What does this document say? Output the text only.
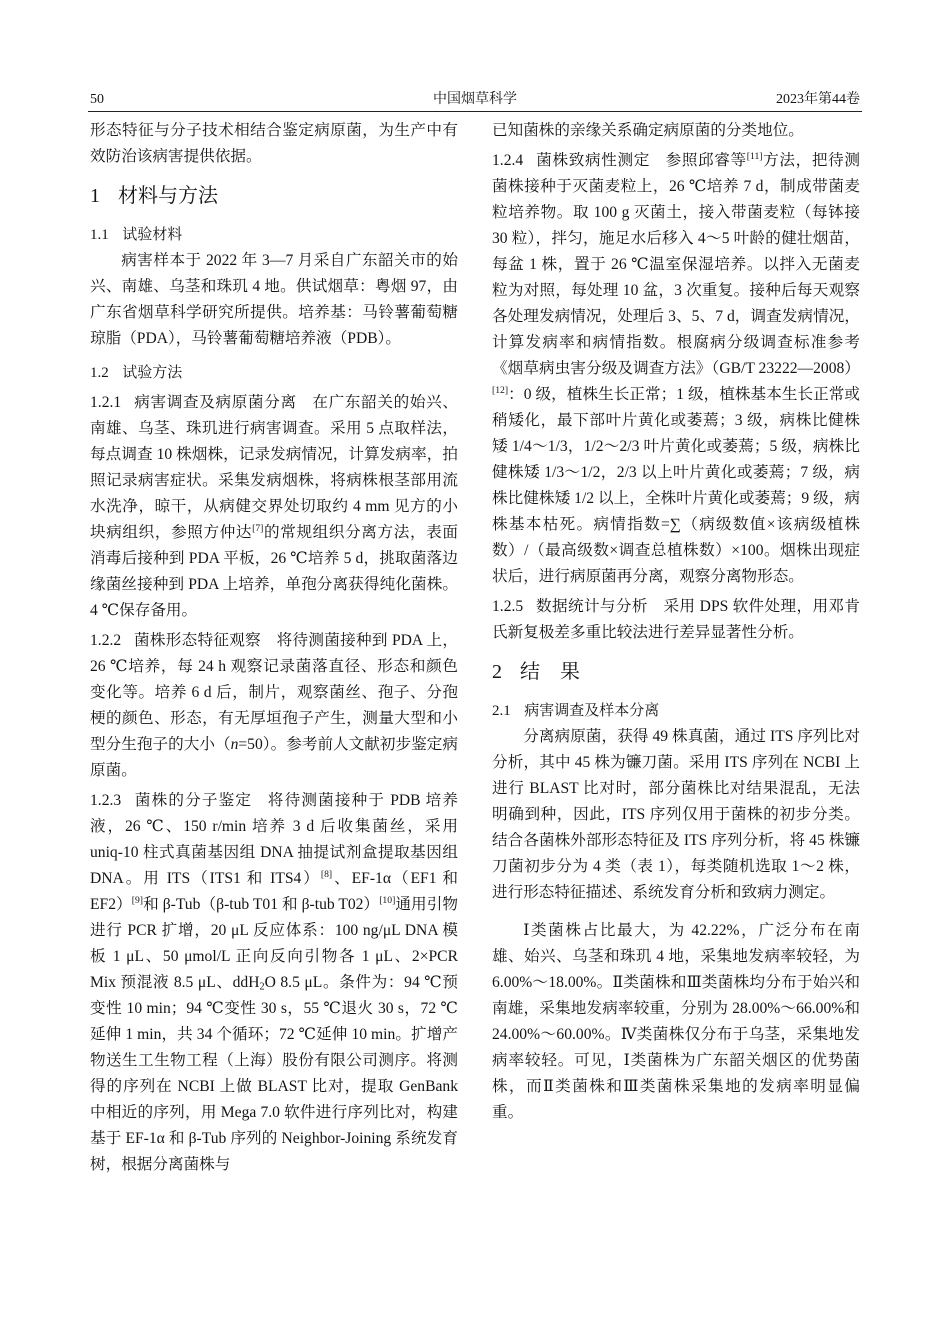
50	中国烟草科学	2023年第44卷

形态特征与分子技术相结合鉴定病原菌，为生产中有效防治该病害提供依据。

1 材料与方法
1.1 试验材料

病害样本于 2022 年 3—7 月采自广东韶关市的始兴、南雄、乌茎和珠玑 4 地。供试烟草：粤烟 97，由广东省烟草科学研究所提供。培养基：马铃薯葡萄糖琼脂（PDA），马铃薯葡萄糖培养液（PDB）。

1.2 试验方法

1.2.1 病害调查及病原菌分离 在广东韶关的始兴、南雄、乌茎、珠玑进行病害调查。采用 5 点取样法，每点调查 10 株烟株，记录发病情况，计算发病率，拍照记录病害症状。采集发病烟株，将病株根茎部用流水洗净，晾干，从病健交界处切取约 4 mm 见方的小块病组织，参照方仲达[7]的常规组织分离方法，表面消毒后接种到 PDA 平板，26 ℃培养 5 d，挑取菌落边缘菌丝接种到 PDA 上培养，单孢分离获得纯化菌株。4 ℃保存备用。

1.2.2 菌株形态特征观察 将待测菌接种到 PDA 上，26 ℃培养，每 24 h 观察记录菌落直径、形态和颜色变化等。培养 6 d 后，制片，观察菌丝、孢子、分孢梗的颜色、形态，有无厚垣孢子产生，测量大型和小型分生孢子的大小（n=50）。参考前人文献初步鉴定病原菌。

1.2.3 菌株的分子鉴定 将待测菌接种于 PDB 培养液，26 ℃、150 r/min 培养 3 d 后收集菌丝，采用 uniq-10 柱式真菌基因组 DNA 抽提试剂盒提取基因组 DNA。用 ITS（ITS1 和 ITS4）[8]、EF-1α（EF1 和 EF2）[9]和 β-Tub（β-tub T01 和 β-tub T02）[10]通用引物进行 PCR 扩增，20 μL 反应体系：100 ng/μL DNA 模板 1 μL、50 μmol/L 正向反向引物各 1 μL、2×PCR Mix 预混液 8.5 μL、ddH$_2$O 8.5 μL。条件为：94 ℃预变性 10 min；94 ℃变性 30 s，55 ℃退火 30 s，72 ℃延伸 1 min，共 34 个循环；72 ℃延伸 10 min。扩增产物送生工生物工程（上海）股份有限公司测序。将测得的序列在 NCBI 上做 BLAST 比对，提取 GenBank 中相近的序列，用 Mega 7.0 软件进行序列比对，构建基于 EF-1α 和 β-Tub 序列的 Neighbor-Joining 系统发育树，根据分离菌株与

已知菌株的亲缘关系确定病原菌的分类地位。

1.2.4 菌株致病性测定 参照邱睿等[11]方法，把待测菌株接种于灭菌麦粒上，26 ℃培养 7 d，制成带菌麦粒培养物。取 100 g 灭菌土，接入带菌麦粒（每钵接 30 粒），拌匀，施足水后移入 4～5 叶龄的健壮烟苗，每盆 1 株，置于 26 ℃温室保湿培养。以拌入无菌麦粒为对照，每处理 10 盆，3 次重复。接种后每天观察各处理发病情况，处理后 3、5、7 d，调查发病情况，计算发病率和病情指数。根腐病分级调查标准参考《烟草病虫害分级及调查方法》（GB/T 23222—2008）[12]：0 级，植株生长正常；1 级，植株基本生长正常或稍矮化，最下部叶片黄化或萎蔫；3 级，病株比健株矮 1/4～1/3，1/2～2/3 叶片黄化或萎蔫；5 级，病株比健株矮 1/3～1/2，2/3 以上叶片黄化或萎蔫；7 级，病株比健株矮 1/2 以上，全株叶片黄化或萎蔫；9 级，病株基本枯死。病情指数=∑（病级数值×该病级植株数）/（最高级数×调查总植株数）×100。烟株出现症状后，进行病原菌再分离，观察分离物形态。

1.2.5 数据统计与分析 采用 DPS 软件处理，用邓肯氏新复极差多重比较法进行差异显著性分析。

2 结　果
2.1 病害调查及样本分离

分离病原菌，获得 49 株真菌，通过 ITS 序列比对分析，其中 45 株为镰刀菌。采用 ITS 序列在 NCBI 上进行 BLAST 比对时，部分菌株比对结果混乱，无法明确到种，因此，ITS 序列仅用于菌株的初步分类。结合各菌株外部形态特征及 ITS 序列分析，将 45 株镰刀菌初步分为 4 类（表 1），每类随机选取 1～2 株，进行形态特征描述、系统发育分析和致病力测定。

Ⅰ类菌株占比最大，为 42.22%，广泛分布在南雄、始兴、乌茎和珠玑 4 地，采集地发病率较轻，为 6.00%～18.00%。Ⅱ类菌株和Ⅲ类菌株均分布于始兴和南雄，采集地发病率较重，分别为 28.00%～66.00%和 24.00%～60.00%。Ⅳ类菌株仅分布于乌茎，采集地发病率较轻。可见，Ⅰ类菌株为广东韶关烟区的优势菌株，而Ⅱ类菌株和Ⅲ类菌株采集地的发病率明显偏重。
